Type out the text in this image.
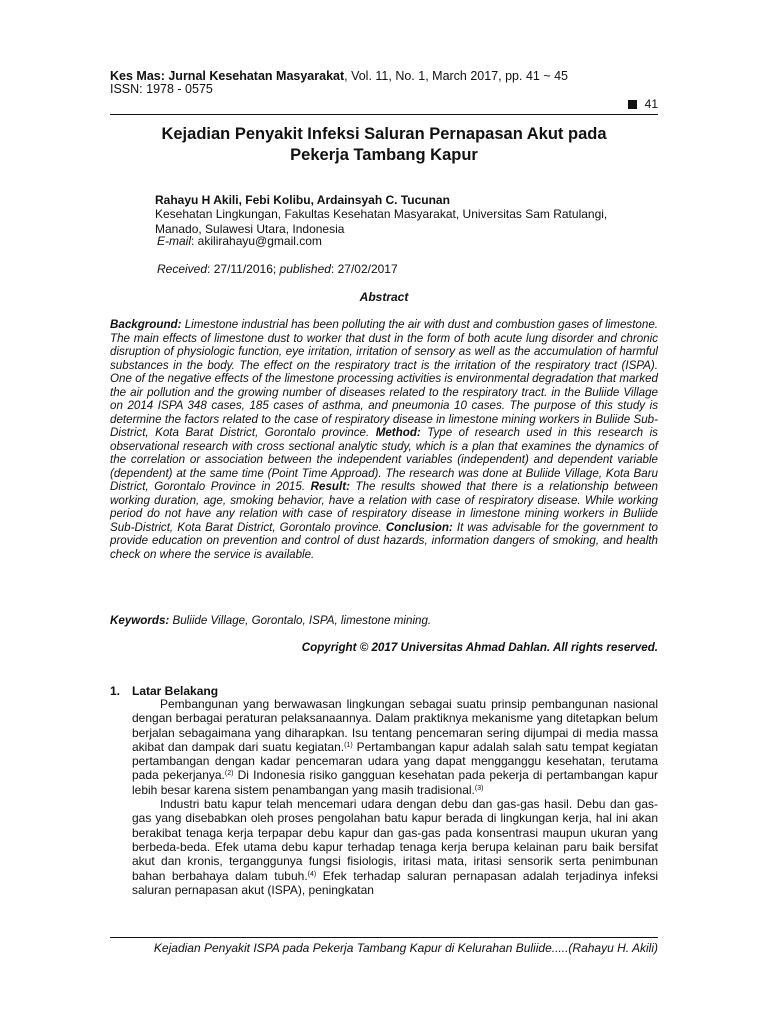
Kes Mas: Jurnal Kesehatan Masyarakat, Vol. 11, No. 1, March 2017, pp. 41 ~ 45
ISSN: 1978 - 0575
41
Kejadian Penyakit Infeksi Saluran Pernapasan Akut pada
Pekerja Tambang Kapur
Rahayu H Akili, Febi Kolibu, Ardainsyah C. Tucunan
Kesehatan Lingkungan, Fakultas Kesehatan Masyarakat, Universitas Sam Ratulangi,
Manado, Sulawesi Utara, Indonesia
E-mail: akilirahayu@gmail.com
Received: 27/11/2016; published: 27/02/2017
Abstract
Background: Limestone industrial has been polluting the air with dust and combustion gases of limestone. The main effects of limestone dust to worker that dust in the form of both acute lung disorder and chronic disruption of physiologic function, eye irritation, irritation of sensory as well as the accumulation of harmful substances in the body. The effect on the respiratory tract is the irritation of the respiratory tract (ISPA). One of the negative effects of the limestone processing activities is environmental degradation that marked the air pollution and the growing number of diseases related to the respiratory tract. in the Buliide Village on 2014 ISPA 348 cases, 185 cases of asthma, and pneumonia 10 cases. The purpose of this study is determine the factors related to the case of respiratory disease in limestone mining workers in Buliide Sub-District, Kota Barat District, Gorontalo province. Method: Type of research used in this research is observational research with cross sectional analytic study, which is a plan that examines the dynamics of the correlation or association between the independent variables (independent) and dependent variable (dependent) at the same time (Point Time Approad). The research was done at Buliide Village, Kota Baru District, Gorontalo Province in 2015. Result: The results showed that there is a relationship between working duration, age, smoking behavior, have a relation with case of respiratory disease. While working period do not have any relation with case of respiratory disease in limestone mining workers in Buliide Sub-District, Kota Barat District, Gorontalo province. Conclusion: It was advisable for the government to provide education on prevention and control of dust hazards, information dangers of smoking, and health check on where the service is available.
Keywords: Buliide Village, Gorontalo, ISPA, limestone mining.
Copyright © 2017 Universitas Ahmad Dahlan. All rights reserved.
1. Latar Belakang

Pembangunan yang berwawasan lingkungan sebagai suatu prinsip pembangunan nasional dengan berbagai peraturan pelaksanaannya. Dalam praktiknya mekanisme yang ditetapkan belum berjalan sebagaimana yang diharapkan. Isu tentang pencemaran sering dijumpai di media massa akibat dan dampak dari suatu kegiatan.$^{(1)}$ Pertambangan kapur adalah salah satu tempat kegiatan pertambangan dengan kadar pencemaran udara yang dapat mengganggu kesehatan, terutama pada pekerjanya.$^{(2)}$ Di Indonesia risiko gangguan kesehatan pada pekerja di pertambangan kapur lebih besar karena sistem penambangan yang masih tradisional.$^{(3)}$

Industri batu kapur telah mencemari udara dengan debu dan gas-gas hasil. Debu dan gas-gas yang disebabkan oleh proses pengolahan batu kapur berada di lingkungan kerja, hal ini akan berakibat tenaga kerja terpapar debu kapur dan gas-gas pada konsentrasi maupun ukuran yang berbeda-beda. Efek utama debu kapur terhadap tenaga kerja berupa kelainan paru baik bersifat akut dan kronis, terganggunya fungsi fisiologis, iritasi mata, iritasi sensorik serta penimbunan bahan berbahaya dalam tubuh.$^{(4)}$ Efek terhadap saluran pernapasan adalah terjadinya infeksi saluran pernapasan akut (ISPA), peningkatan

Kejadian Penyakit ISPA pada Pekerja Tambang Kapur di Kelurahan Buliide.....(Rahayu H. Akili)
